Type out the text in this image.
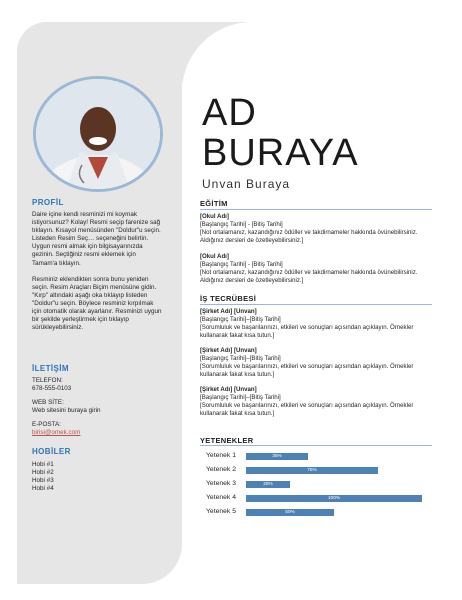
PROFİL

Daire içine kendi resminizi mi koymak istiyorsunuz? Kolay! Resmi seçip farenize sağ tıklayın. Kısayol menüsünden "Doldur"u seçin. Listeden Resim Seç… seçeneğini belirtin. Uygun resmi almak için bilgisayarınızda gezinin. Seçtiğiniz resmi eklemek için Tamam'a tıklayın.

Resminiz eklendikten sonra bunu yeniden seçin. Resim Araçları Biçim menüsüne gidin. "Kırp" altındaki aşağı oka tıklayıp listeden "Doldur"u seçin. Böylece resminiz kırpılmak için otomatik olarak ayarlanır. Resminizi uygun bir şekilde yerleştirmek için tıklayıp sürükleyebilirsiniz.

İLETİŞİM

TELEFON:

678-555-0103

WEB SİTE:

Web sitesini buraya girin

E-POSTA:

birisi@omek.com

HOBİLER

Hobi #1

Hobi #2

Hobi #3

Hobi #4

AD
BURAYA
Unvan Buraya
EĞİTİM
[Okul Adı]
[Başlangıç Tarihi] - [Bitiş Tarihi]
[Not ortalamanız, kazandığınız ödüller ve takdirnameler hakkında övünebilirsiniz. Aldığınız dersleri de özetleyebilirsiniz.]
[Okul Adı]
[Başlangıç Tarihi] - [Bitiş Tarihi]
[Not ortalamanız, kazandığınız ödüller ve takdirnameler hakkında övünebilirsiniz. Aldığınız dersleri de özetleyebilirsiniz.]
İŞ TECRÜBESİ
[Şirket Adı] [Unvan]
[Başlangıç Tarihi]–[Bitiş Tarihi]
[Sorumluluk ve başarılarınızı, etkileri ve sonuçları açısından açıklayın. Örnekler kullanarak fakat kısa tutun.]
[Şirket Adı] [Unvan]
[Başlangıç Tarihi]–[Bitiş Tarihi]
[Sorumluluk ve başarılarınızı, etkileri ve sonuçları açısından açıklayın. Örnekler kullanarak fakat kısa tutun.]
[Şirket Adı] [Unvan]
[Başlangıç Tarihi]–[Bitiş Tarihi]
[Sorumluluk ve başarılarınızı, etkileri ve sonuçları açısından açıklayın. Örnekler kullanarak fakat kısa tutun.]
YETENEKLER
Yetenek 1	35%
Yetenek 2	75%
Yetenek 3	25%
Yetenek 4	100%
Yetenek 5	50%
